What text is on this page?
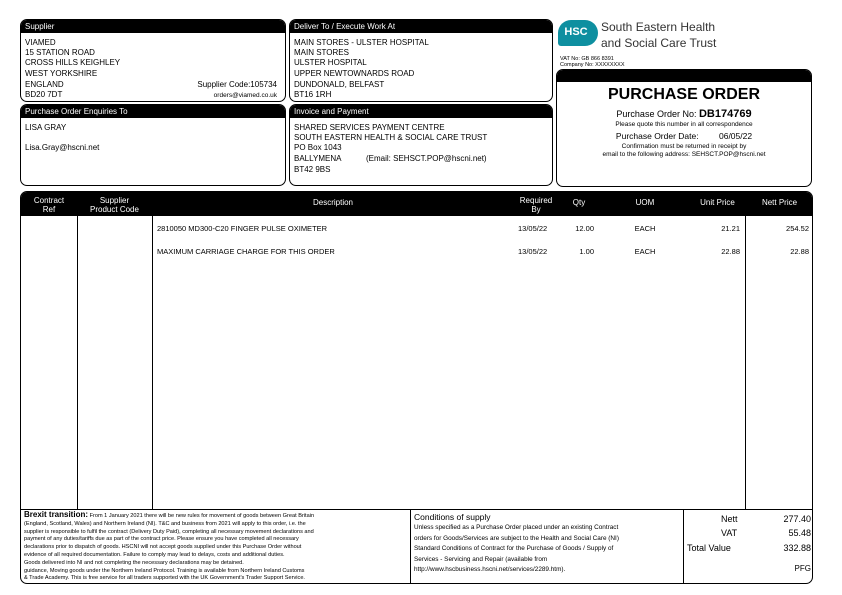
Supplier
VIAMED
15 STATION ROAD
CROSS HILLS KEIGHLEY
WEST YORKSHIRE
ENGLAND
BD20 7DT
Supplier Code:105734
orders@viamed.co.uk
Deliver To / Execute Work At
MAIN STORES - ULSTER HOSPITAL
MAIN STORES
ULSTER HOSPITAL
UPPER NEWTOWNARDS ROAD
DUNDONALD, BELFAST
BT16 1RH
Purchase Order Enquiries To
LISA GRAY
Lisa.Gray@hscni.net
Invoice and Payment
SHARED SERVICES PAYMENT CENTRE
SOUTH EASTERN HEALTH & SOCIAL CARE TRUST
PO Box 1043
BALLYMENA	(Email: SEHSCT.POP@hscni.net)
BT42 9BS
HSC	South Eastern Health
and Social Care Trust
VAT No: GB 866 8391
Company No: XXXXXXXX
PURCHASE ORDER
Purchase Order No: DB174769
Please quote this number in all correspondence
Purchase Order Date: 06/05/22
Confirmation must be returned in receipt by
email to the following address: SEHSCT.POP@hscni.net
Contract
Ref
Supplier
Product Code
Description	Required
By
Qty	UOM	Unit Price	Nett Price
2810050 MD300-C20 FINGER PULSE OXIMETER	13/05/22	12.00	EACH	21.21	254.52
MAXIMUM CARRIAGE CHARGE FOR THIS ORDER	13/05/22	1.00	EACH	22.88	22.88
Brexit transition: From 1 January 2021 there will be new rules for movement of goods between Great Britain
(England, Scotland, Wales) and Northern Ireland (NI). T&C and business from 2021 will apply to this order, i.e. the
supplier is responsible to fulfil the contract (Delivery Duty Paid), completing all necessary movement declarations and
payment of any duties/tariffs due as part of the contract price. Please ensure you have completed all necessary
declarations prior to dispatch of goods. HSCNI will not accept goods supplied under this Purchase Order without
evidence of all required documentation. Failure to comply may lead to delays, costs and additional duties.
Goods delivered into NI and not completing the necessary declarations may be detained.
guidance, Moving goods under the Northern Ireland Protocol. Training is available from Northern Ireland Customs
& Trade Academy. This is free service for all traders supported with the UK Government's Trader Support Service.
Conditions of supply
Unless specified as a Purchase Order placed under an existing Contract
orders for Goods/Services are subject to the Health and Social Care (NI)
Standard Conditions of Contract for the Purchase of Goods / Supply of
Services - Servicing and Repair (available from
http://www.hscbusiness.hscni.net/services/2289.htm).
Nett	277.40
VAT	55.48
Total Value	332.88
PFG
